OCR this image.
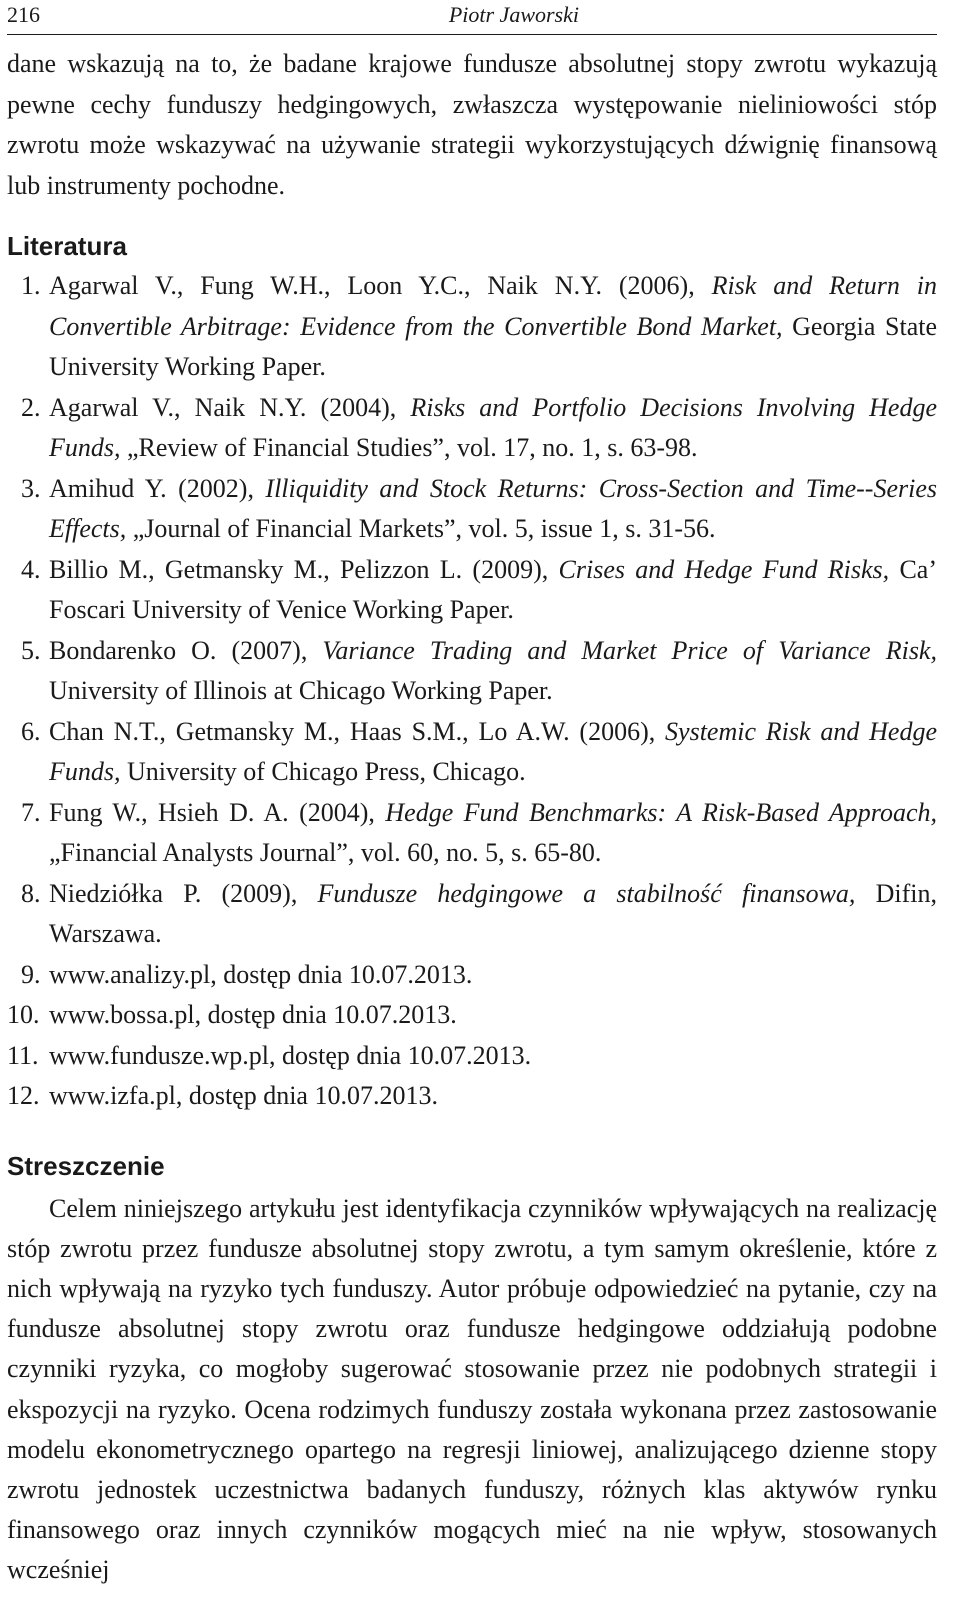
216	Piotr Jaworski

dane wskazują na to, że badane krajowe fundusze absolutnej stopy zwrotu wykazują pewne cechy funduszy hedgingowych, zwłaszcza występowanie nieliniowości stóp zwrotu może wskazywać na używanie strategii wykorzystujących dźwignię finansową lub instrumenty pochodne.

Literatura
1. Agarwal V., Fung W.H., Loon Y.C., Naik N.Y. (2006), Risk and Return in Convertible Arbitrage: Evidence from the Convertible Bond Market, Georgia State University Working Paper.
2. Agarwal V., Naik N.Y. (2004), Risks and Portfolio Decisions Involving Hedge Funds, „Review of Financial Studies”, vol. 17, no. 1, s. 63-98.
3. Amihud Y. (2002), Illiquidity and Stock Returns: Cross-Section and Time--Series Effects, „Journal of Financial Markets”, vol. 5, issue 1, s. 31-56.
4. Billio M., Getmansky M., Pelizzon L. (2009), Crises and Hedge Fund Risks, Ca’ Foscari University of Venice Working Paper.
5. Bondarenko O. (2007), Variance Trading and Market Price of Variance Risk, University of Illinois at Chicago Working Paper.
6. Chan N.T., Getmansky M., Haas S.M., Lo A.W. (2006), Systemic Risk and Hedge Funds, University of Chicago Press, Chicago.
7. Fung W., Hsieh D. A. (2004), Hedge Fund Benchmarks: A Risk-Based Approach, „Financial Analysts Journal”, vol. 60, no. 5, s. 65-80.
8. Niedziółka P. (2009), Fundusze hedgingowe a stabilność finansowa, Difin, Warszawa.
9. www.analizy.pl, dostęp dnia 10.07.2013.
10. www.bossa.pl, dostęp dnia 10.07.2013.
11. www.fundusze.wp.pl, dostęp dnia 10.07.2013.
12. www.izfa.pl, dostęp dnia 10.07.2013.
Streszczenie

Celem niniejszego artykułu jest identyfikacja czynników wpływających na realizację stóp zwrotu przez fundusze absolutnej stopy zwrotu, a tym samym określenie, które z nich wpływają na ryzyko tych funduszy. Autor próbuje odpowiedzieć na pytanie, czy na fundusze absolutnej stopy zwrotu oraz fundusze hedgingowe oddziałują podobne czynniki ryzyka, co mogłoby sugerować stosowanie przez nie podobnych strategii i ekspozycji na ryzyko. Ocena rodzimych funduszy została wykonana przez zastosowanie modelu ekonometrycznego opartego na regresji liniowej, analizującego dzienne stopy zwrotu jednostek uczestnictwa badanych funduszy, różnych klas aktywów rynku finansowego oraz innych czynników mogących mieć na nie wpływ, stosowanych wcześniej
